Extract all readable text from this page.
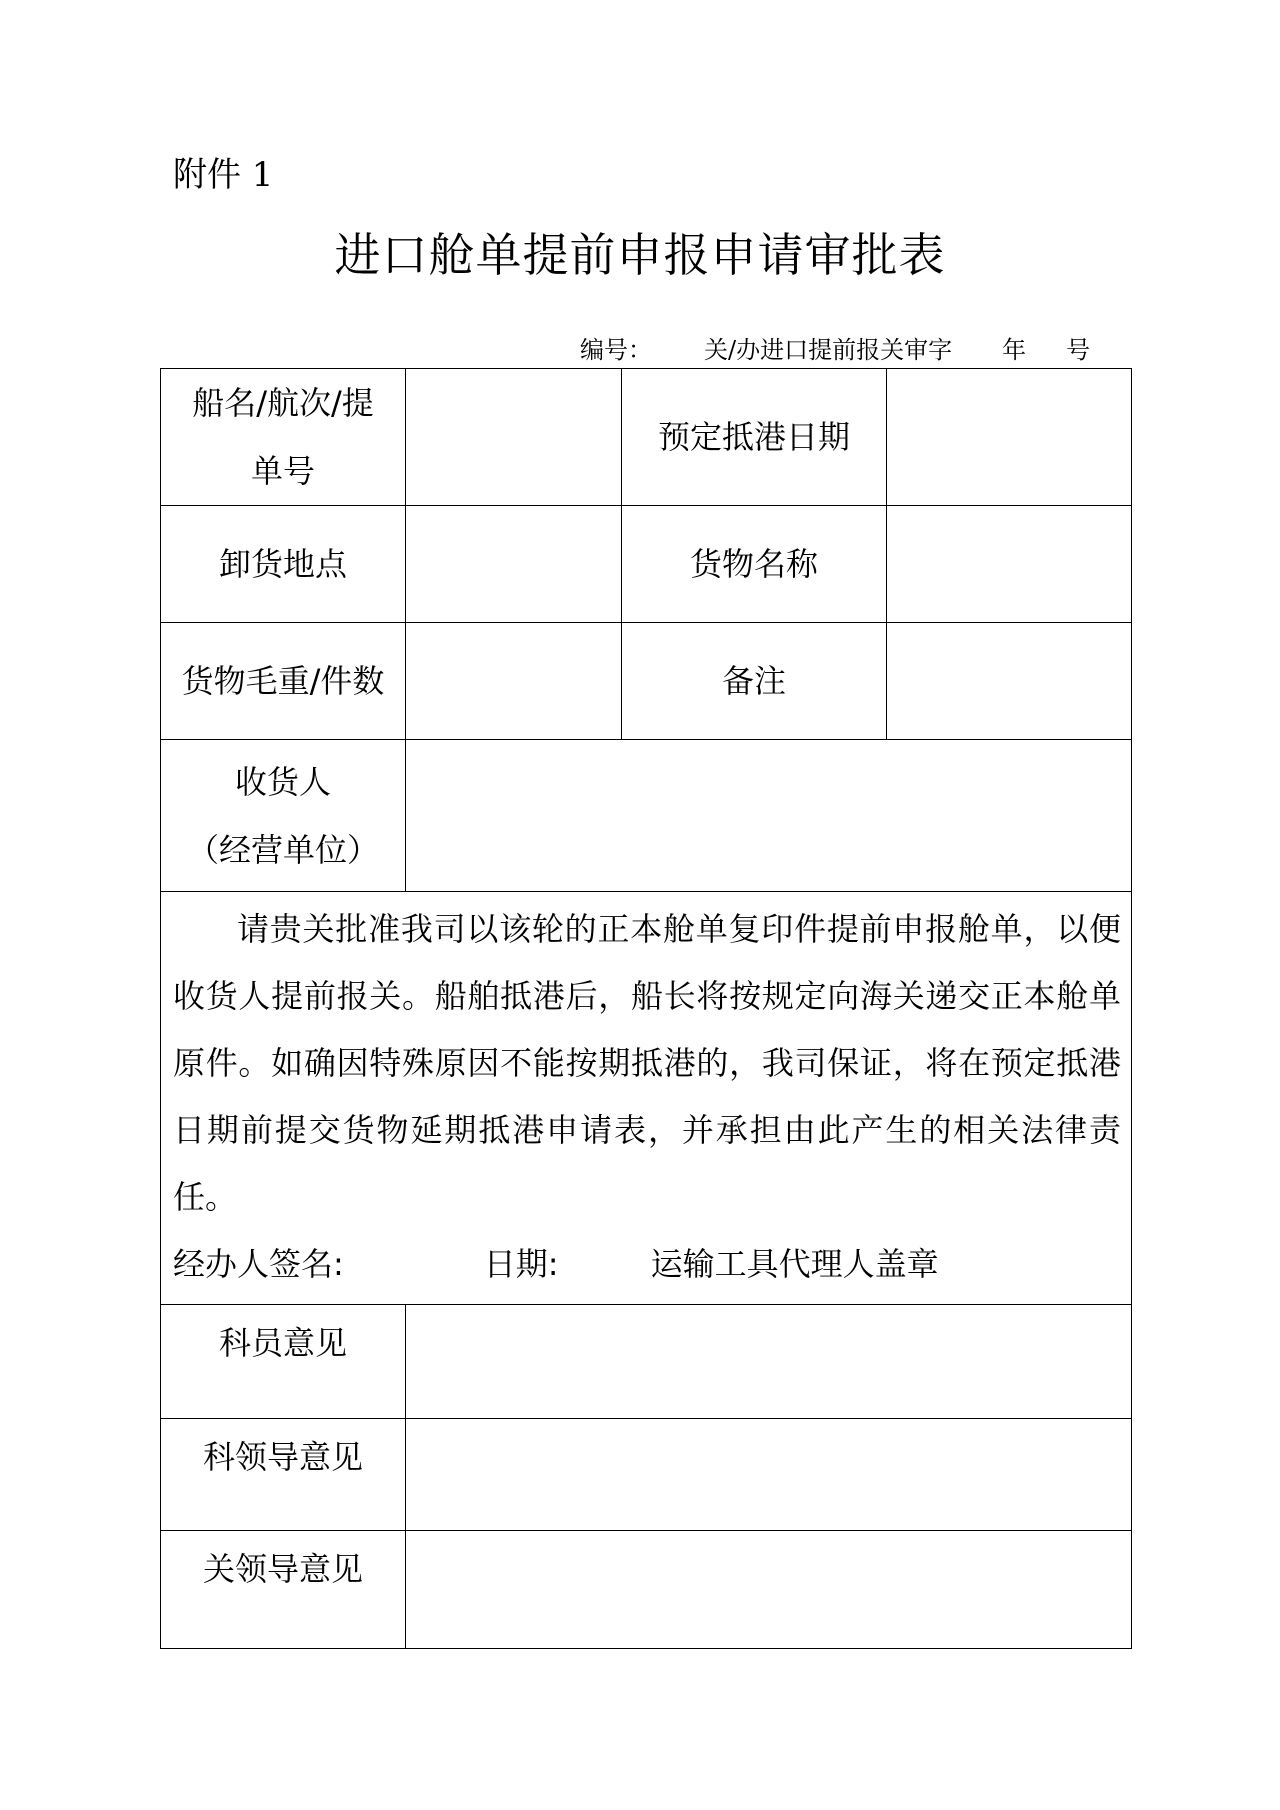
附件 1
进口舱单提前申报申请审批表
编号： 关/办进口提前报关审字 年 号
船名/航次/提
单号		预定抵港日期	
卸货地点		货物名称	
货物毛重/件数		备注	

收货人
（经营单位）			

请贵关批准我司以该轮的正本舱单复印件提前申报舱单，以便收货人提前报关。船舶抵港后，船长将按规定向海关递交正本舱单原件。如确因特殊原因不能按期抵港的，我司保证，将在预定抵港日期前提交货物延期抵港申请表，并承担由此产生的相关法律责任。
经办人签名: 日期: 运输工具代理人盖章			

科员意见			
科领导意见			
关领导意见			
